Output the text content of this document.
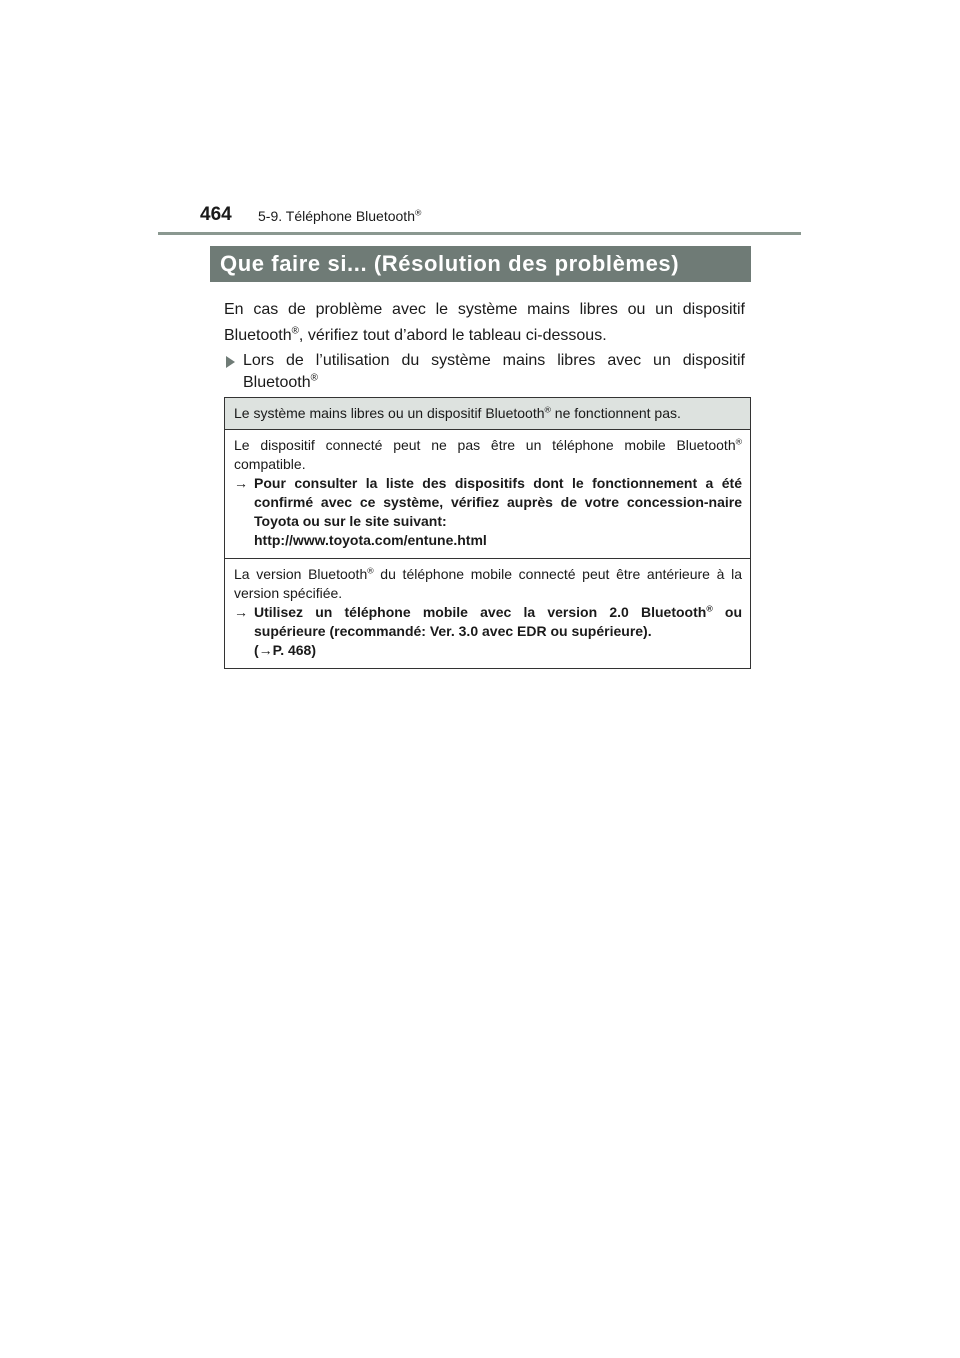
464 5-9. Téléphone Bluetooth®
Que faire si... (Résolution des problèmes)

En cas de problème avec le système mains libres ou un dispositif Bluetooth®, vérifiez tout d’abord le tableau ci-dessous.

Lors de l’utilisation du système mains libres avec un dispositif Bluetooth®
Le système mains libres ou un dispositif Bluetooth® ne fonctionnent pas.
Le dispositif connecté peut ne pas être un téléphone mobile Bluetooth® compatible.
→ Pour consulter la liste des dispositifs dont le fonctionnement a été confirmé avec ce système, vérifiez auprès de votre concession-naire Toyota ou sur le site suivant:
http://www.toyota.com/entune.html
La version Bluetooth® du téléphone mobile connecté peut être antérieure à la version spécifiée.
→ Utilisez un téléphone mobile avec la version 2.0 Bluetooth® ou supérieure (recommandé: Ver. 3.0 avec EDR ou supérieure).
(→P. 468)
